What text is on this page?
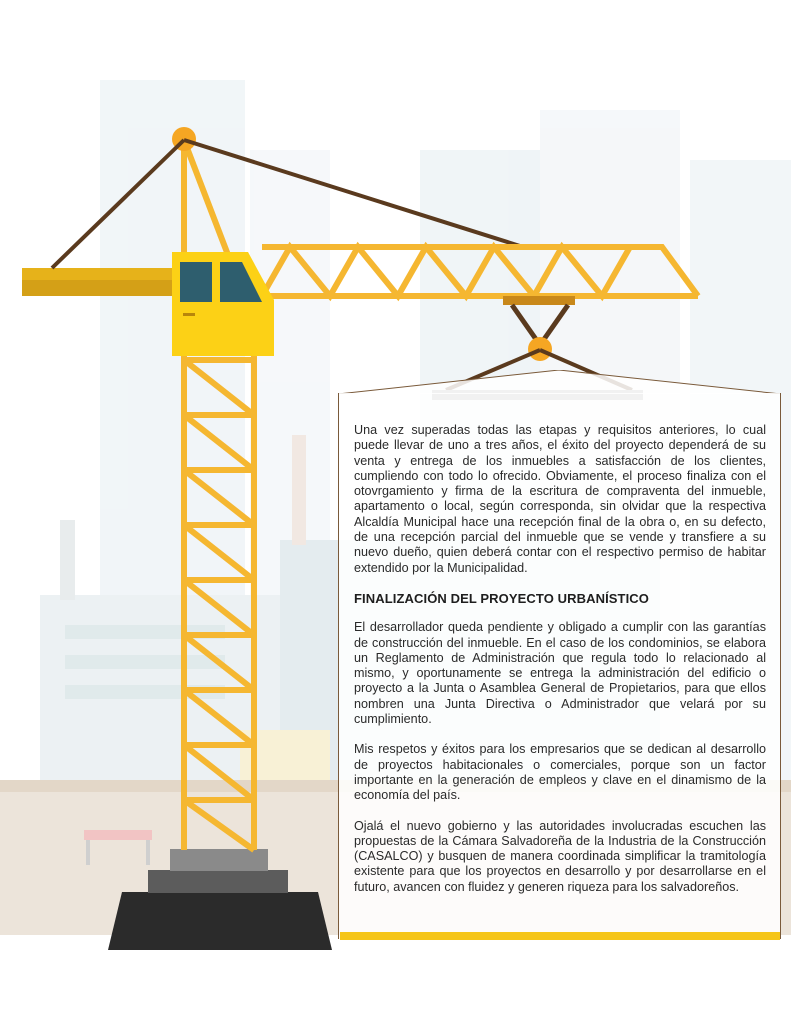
Una vez superadas todas las etapas y requisitos anteriores, lo cual puede llevar de uno a tres años, el éxito del proyecto dependerá de su venta y entrega de los inmuebles a satisfacción de los clientes, cumpliendo con todo lo ofrecido. Obviamente, el proceso finaliza con el otovrgamiento y firma de la escritura de compraventa del inmueble, apartamento o local, según corresponda, sin olvidar que la respectiva Alcaldía Municipal hace una recepción final de la obra o, en su defecto, de una recepción parcial del inmueble que se vende y transfiere a su nuevo dueño, quien deberá contar con el respectivo permiso de habitar extendido por la Municipalidad.

FINALIZACIÓN DEL PROYECTO URBANÍSTICO

El desarrollador queda pendiente y obligado a cumplir con las garantías de construcción del inmueble. En el caso de los condominios, se elabora un Reglamento de Administración que regula todo lo relacionado al mismo, y oportunamente se entrega la administración del edificio o proyecto a la Junta o Asamblea General de Propietarios, para que ellos nombren una Junta Directiva o Administrador que velará por su cumplimiento.

Mis respetos y éxitos para los empresarios que se dedican al desarrollo de proyectos habitacionales o comerciales, porque son un factor importante en la generación de empleos y clave en el dinamismo de la economía del país.

Ojalá el nuevo gobierno y las autoridades involucradas escuchen las propuestas de la Cámara Salvadoreña de la Industria de la Construcción (CASALCO) y busquen de manera coordinada simplificar la tramitología existente para que los proyectos en desarrollo y por desarrollarse en el futuro, avancen con fluidez y generen riqueza para los salvadoreños.
